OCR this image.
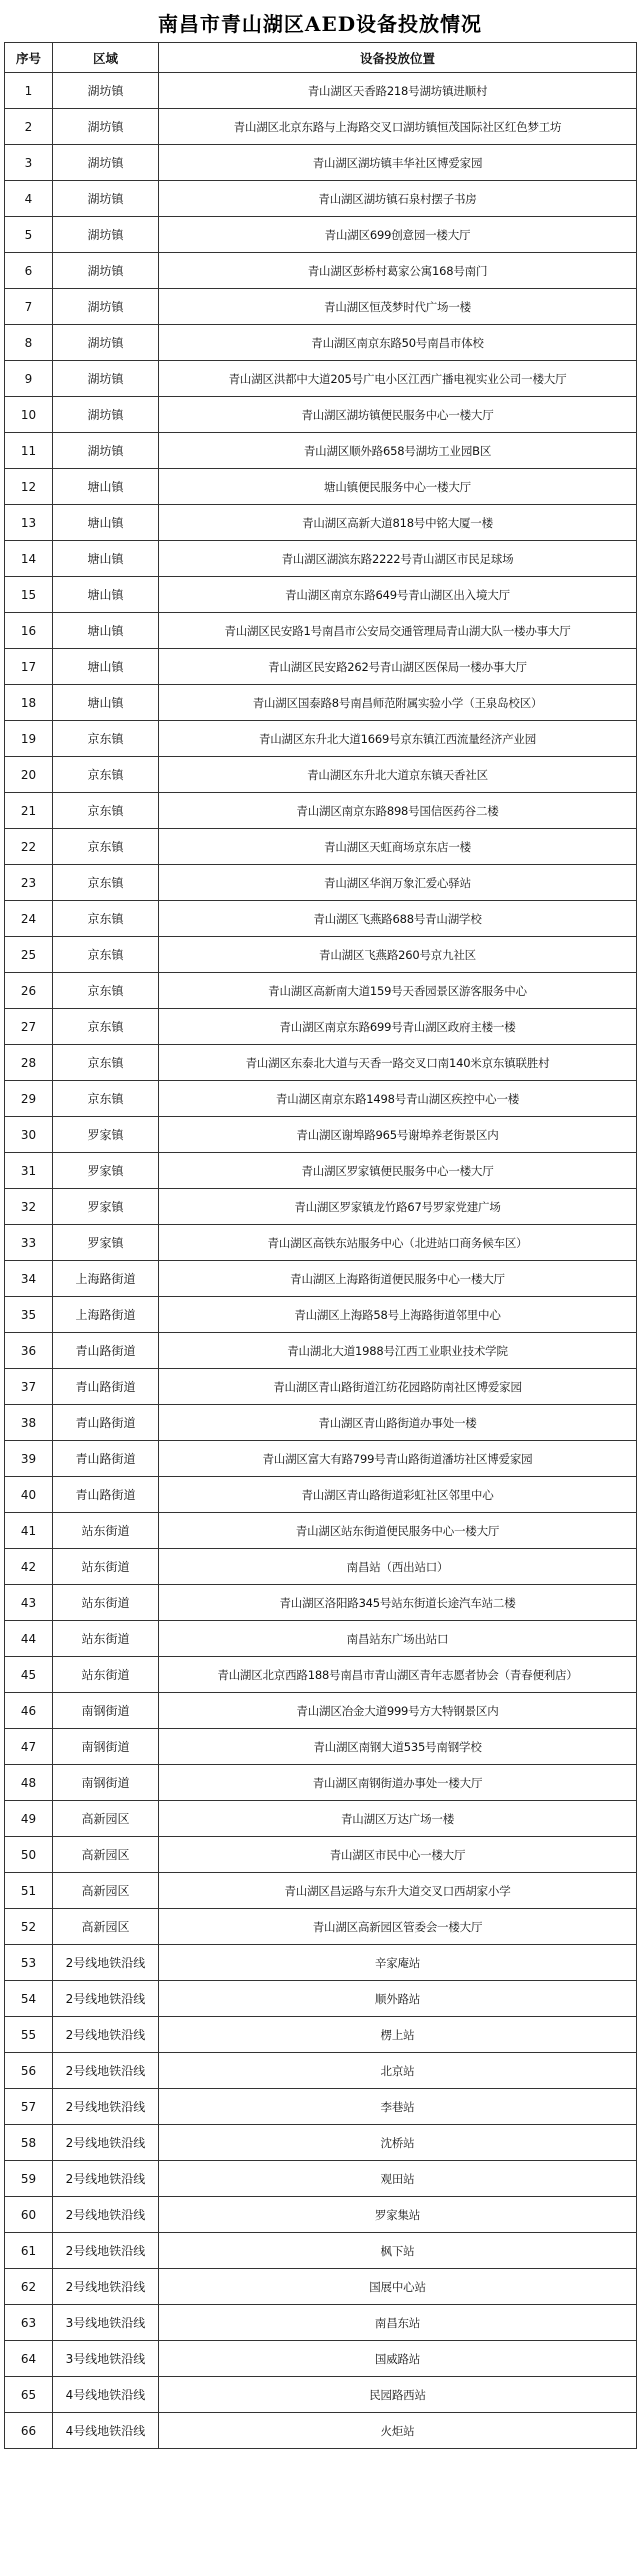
南昌市青山湖区AED设备投放情况
序号	区域	设备投放位置
1	湖坊镇	青山湖区天香路218号湖坊镇进顺村
2	湖坊镇	青山湖区北京东路与上海路交叉口湖坊镇恒茂国际社区红色梦工坊
3	湖坊镇	青山湖区湖坊镇丰华社区博爱家园
4	湖坊镇	青山湖区湖坊镇石泉村摆子书房
5	湖坊镇	青山湖区699创意园一楼大厅
6	湖坊镇	青山湖区彭桥村葛家公寓168号南门
7	湖坊镇	青山湖区恒茂梦时代广场一楼
8	湖坊镇	青山湖区南京东路50号南昌市体校
9	湖坊镇	青山湖区洪都中大道205号广电小区江西广播电视实业公司一楼大厅
10	湖坊镇	青山湖区湖坊镇便民服务中心一楼大厅
11	湖坊镇	青山湖区顺外路658号湖坊工业园B区
12	塘山镇	塘山镇便民服务中心一楼大厅
13	塘山镇	青山湖区高新大道818号中铭大厦一楼
14	塘山镇	青山湖区湖滨东路2222号青山湖区市民足球场
15	塘山镇	青山湖区南京东路649号青山湖区出入境大厅
16	塘山镇	青山湖区民安路1号南昌市公安局交通管理局青山湖大队一楼办事大厅
17	塘山镇	青山湖区民安路262号青山湖区医保局一楼办事大厅
18	塘山镇	青山湖区国泰路8号南昌师范附属实验小学（王泉岛校区）
19	京东镇	青山湖区东升北大道1669号京东镇江西流量经济产业园
20	京东镇	青山湖区东升北大道京东镇天香社区
21	京东镇	青山湖区南京东路898号国信医药谷二楼
22	京东镇	青山湖区天虹商场京东店一楼
23	京东镇	青山湖区华润万象汇爱心驿站
24	京东镇	青山湖区飞燕路688号青山湖学校
25	京东镇	青山湖区飞燕路260号京九社区
26	京东镇	青山湖区高新南大道159号天香园景区游客服务中心
27	京东镇	青山湖区南京东路699号青山湖区政府主楼一楼
28	京东镇	青山湖区东泰北大道与天香一路交叉口南140米京东镇联胜村
29	京东镇	青山湖区南京东路1498号青山湖区疾控中心一楼
30	罗家镇	青山湖区谢埠路965号谢埠养老街景区内
31	罗家镇	青山湖区罗家镇便民服务中心一楼大厅
32	罗家镇	青山湖区罗家镇龙竹路67号罗家党建广场
33	罗家镇	青山湖区高铁东站服务中心（北进站口商务候车区）
34	上海路街道	青山湖区上海路街道便民服务中心一楼大厅
35	上海路街道	青山湖区上海路58号上海路街道邻里中心
36	青山路街道	青山湖北大道1988号江西工业职业技术学院
37	青山路街道	青山湖区青山路街道江纺花园路防南社区博爱家园
38	青山路街道	青山湖区青山路街道办事处一楼
39	青山路街道	青山湖区富大有路799号青山路街道潘坊社区博爱家园
40	青山路街道	青山湖区青山路街道彩虹社区邻里中心
41	站东街道	青山湖区站东街道便民服务中心一楼大厅
42	站东街道	南昌站（西出站口）
43	站东街道	青山湖区洛阳路345号站东街道长途汽车站二楼
44	站东街道	南昌站东广场出站口
45	站东街道	青山湖区北京西路188号南昌市青山湖区青年志愿者协会（青春便利店）
46	南钢街道	青山湖区冶金大道999号方大特钢景区内
47	南钢街道	青山湖区南钢大道535号南钢学校
48	南钢街道	青山湖区南钢街道办事处一楼大厅
49	高新园区	青山湖区万达广场一楼
50	高新园区	青山湖区市民中心一楼大厅
51	高新园区	青山湖区昌运路与东升大道交叉口西胡家小学
52	高新园区	青山湖区高新园区管委会一楼大厅
53	2号线地铁沿线	辛家庵站
54	2号线地铁沿线	顺外路站
55	2号线地铁沿线	楞上站
56	2号线地铁沿线	北京站
57	2号线地铁沿线	李巷站
58	2号线地铁沿线	沈桥站
59	2号线地铁沿线	观田站
60	2号线地铁沿线	罗家集站
61	2号线地铁沿线	枫下站
62	2号线地铁沿线	国展中心站
63	3号线地铁沿线	南昌东站
64	3号线地铁沿线	国威路站
65	4号线地铁沿线	民园路西站
66	4号线地铁沿线	火炬站
